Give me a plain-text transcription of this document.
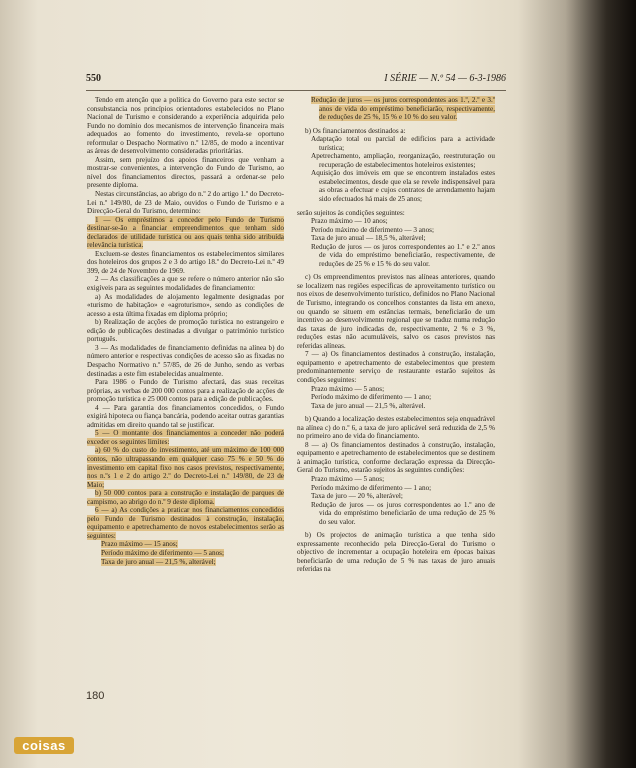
550	I SÉRIE — N.º 54 — 6-3-1986

Tendo em atenção que a política do Governo para este sector se consubstancia nos princípios orientadores estabelecidos no Plano Nacional de Turismo e considerando a experiência adquirida pelo Fundo no domínio dos mecanismos de intervenção financeira mais adequados ao fomento do investimento, revela-se oportuno reformular o Despacho Normativo n.º 12/85, de modo a incentivar as áreas de desenvolvimento consideradas prioritárias.

Assim, sem prejuízo dos apoios financeiros que venham a mostrar-se convenientes, a intervenção do Fundo de Turismo, ao nível dos financiamentos directos, passará a ordenar-se pelo presente diploma.

Nestas circunstâncias, ao abrigo do n.º 2 do artigo 1.º do Decreto-Lei n.º 149/80, de 23 de Maio, ouvidos o Fundo de Turismo e a Direcção-Geral do Turismo, determino:

1 — Os empréstimos a conceder pelo Fundo de Turismo destinar-se-ão a financiar empreendimentos que tenham sido declarados de utilidade turística ou aos quais tenha sido atribuída relevância turística.

Excluem-se destes financiamentos os estabelecimentos similares dos hoteleiros dos grupos 2 e 3 do artigo 18.º do Decreto-Lei n.º 49 399, de 24 de Novembro de 1969.

2 — As classificações a que se refere o número anterior não são exigíveis para as seguintes modalidades de financiamento:

a) As modalidades de alojamento legalmente designadas por «turismo de habitação» e «agroturismo», sendo as condições de acesso a esta última fixadas em diploma próprio;

b) Realização de acções de promoção turística no estrangeiro e edição de publicações destinadas a divulgar o património turístico português.

3 — As modalidades de financiamento definidas na alínea b) do número anterior e respectivas condições de acesso são as fixadas no Despacho Normativo n.º 57/85, de 26 de Junho, sendo as verbas destinadas a este fim estabelecidas anualmente.

Para 1986 o Fundo de Turismo afectará, das suas receitas próprias, as verbas de 200 000 contos para a realização de acções de promoção turística e 25 000 contos para a edição de publicações.

4 — Para garantia dos financiamentos concedidos, o Fundo exigirá hipoteca ou fiança bancária, podendo aceitar outras garantias admitidas em direito quando tal se justificar.

5 — O montante dos financiamentos a conceder não poderá exceder os seguintes limites:

a) 60 % do custo do investimento, até um máximo de 100 000 contos, não ultrapassando em qualquer caso 75 % e 50 % do investimento em capital fixo nos casos previstos, respectivamente, nos n.ºs 1 e 2 do artigo 2.º do Decreto-Lei n.º 149/80, de 23 de Maio;

b) 50 000 contos para a construção e instalação de parques de campismo, ao abrigo do n.º 9 deste diploma.

6 — a) As condições a praticar nos financiamentos concedidos pelo Fundo de Turismo destinados à construção, instalação, equipamento e apetrechamento de novos estabelecimentos serão as seguintes:

Prazo máximo — 15 anos;

Período máximo de diferimento — 5 anos;

Taxa de juro anual — 21,5 %, alterável;

Redução de juros — os juros correspondentes aos 1.º, 2.º e 3.º anos de vida do empréstimo beneficiarão, respectivamente, de reduções de 25 %, 15 % e 10 % do seu valor.

b) Os financiamentos destinados a:

Adaptação total ou parcial de edifícios para a actividade turística;

Apetrechamento, ampliação, reorganização, reestruturação ou recuperação de estabelecimentos hoteleiros existentes;

Aquisição dos imóveis em que se encontrem instalados estes estabelecimentos, desde que ela se revele indispensável para as obras a efectuar e cujos contratos de arrendamento hajam sido efectuados há mais de 25 anos;

serão sujeitos às condições seguintes:

Prazo máximo — 10 anos;

Período máximo de diferimento — 3 anos;

Taxa de juro anual — 18,5 %, alterável;

Redução de juros — os juros correspondentes ao 1.º e 2.º anos de vida do empréstimo beneficiarão, respectivamente, de reduções de 25 % e 15 % do seu valor.

c) Os empreendimentos previstos nas alíneas anteriores, quando se localizem nas regiões específicas de aproveitamento turístico ou nos eixos de desenvolvimento turístico, definidos no Plano Nacional de Turismo, integrando os concelhos constantes da lista em anexo, ou quando se situem em estâncias termais, beneficiarão de um incentivo ao desenvolvimento regional que se traduz numa redução das taxas de juro indicadas de, respectivamente, 2 % e 3 %, reduções estas não acumuláveis, salvo os casos previstos nas referidas alíneas.

7 — a) Os financiamentos destinados à construção, instalação, equipamento e apetrechamento de estabelecimentos que prestem predominantemente serviço de restaurante estarão sujeitos às condições seguintes:

Prazo máximo — 5 anos;

Período máximo de diferimento — 1 ano;

Taxa de juro anual — 21,5 %, alterável.

b) Quando a localização destes estabelecimentos seja enquadrável na alínea c) do n.º 6, a taxa de juro aplicável será reduzida de 2,5 % no primeiro ano de vida do financiamento.

8 — a) Os financiamentos destinados à construção, instalação, equipamento e apetrechamento de estabelecimentos que se destinem à animação turística, conforme declaração expressa da Direcção-Geral do Turismo, estarão sujeitos às seguintes condições:

Prazo máximo — 5 anos;

Período máximo de diferimento — 1 ano;

Taxa de juro — 20 %, alterável;

Redução de juros — os juros correspondentes ao 1.º ano de vida do empréstimo beneficiarão de uma redução de 25 % do seu valor.

b) Os projectos de animação turística a que tenha sido expressamente reconhecido pela Direcção-Geral do Turismo o objectivo de incrementar a ocupação hoteleira em épocas baixas beneficiarão de uma redução de 5 % nas taxas de juro anuais referidas na

180
coisas
